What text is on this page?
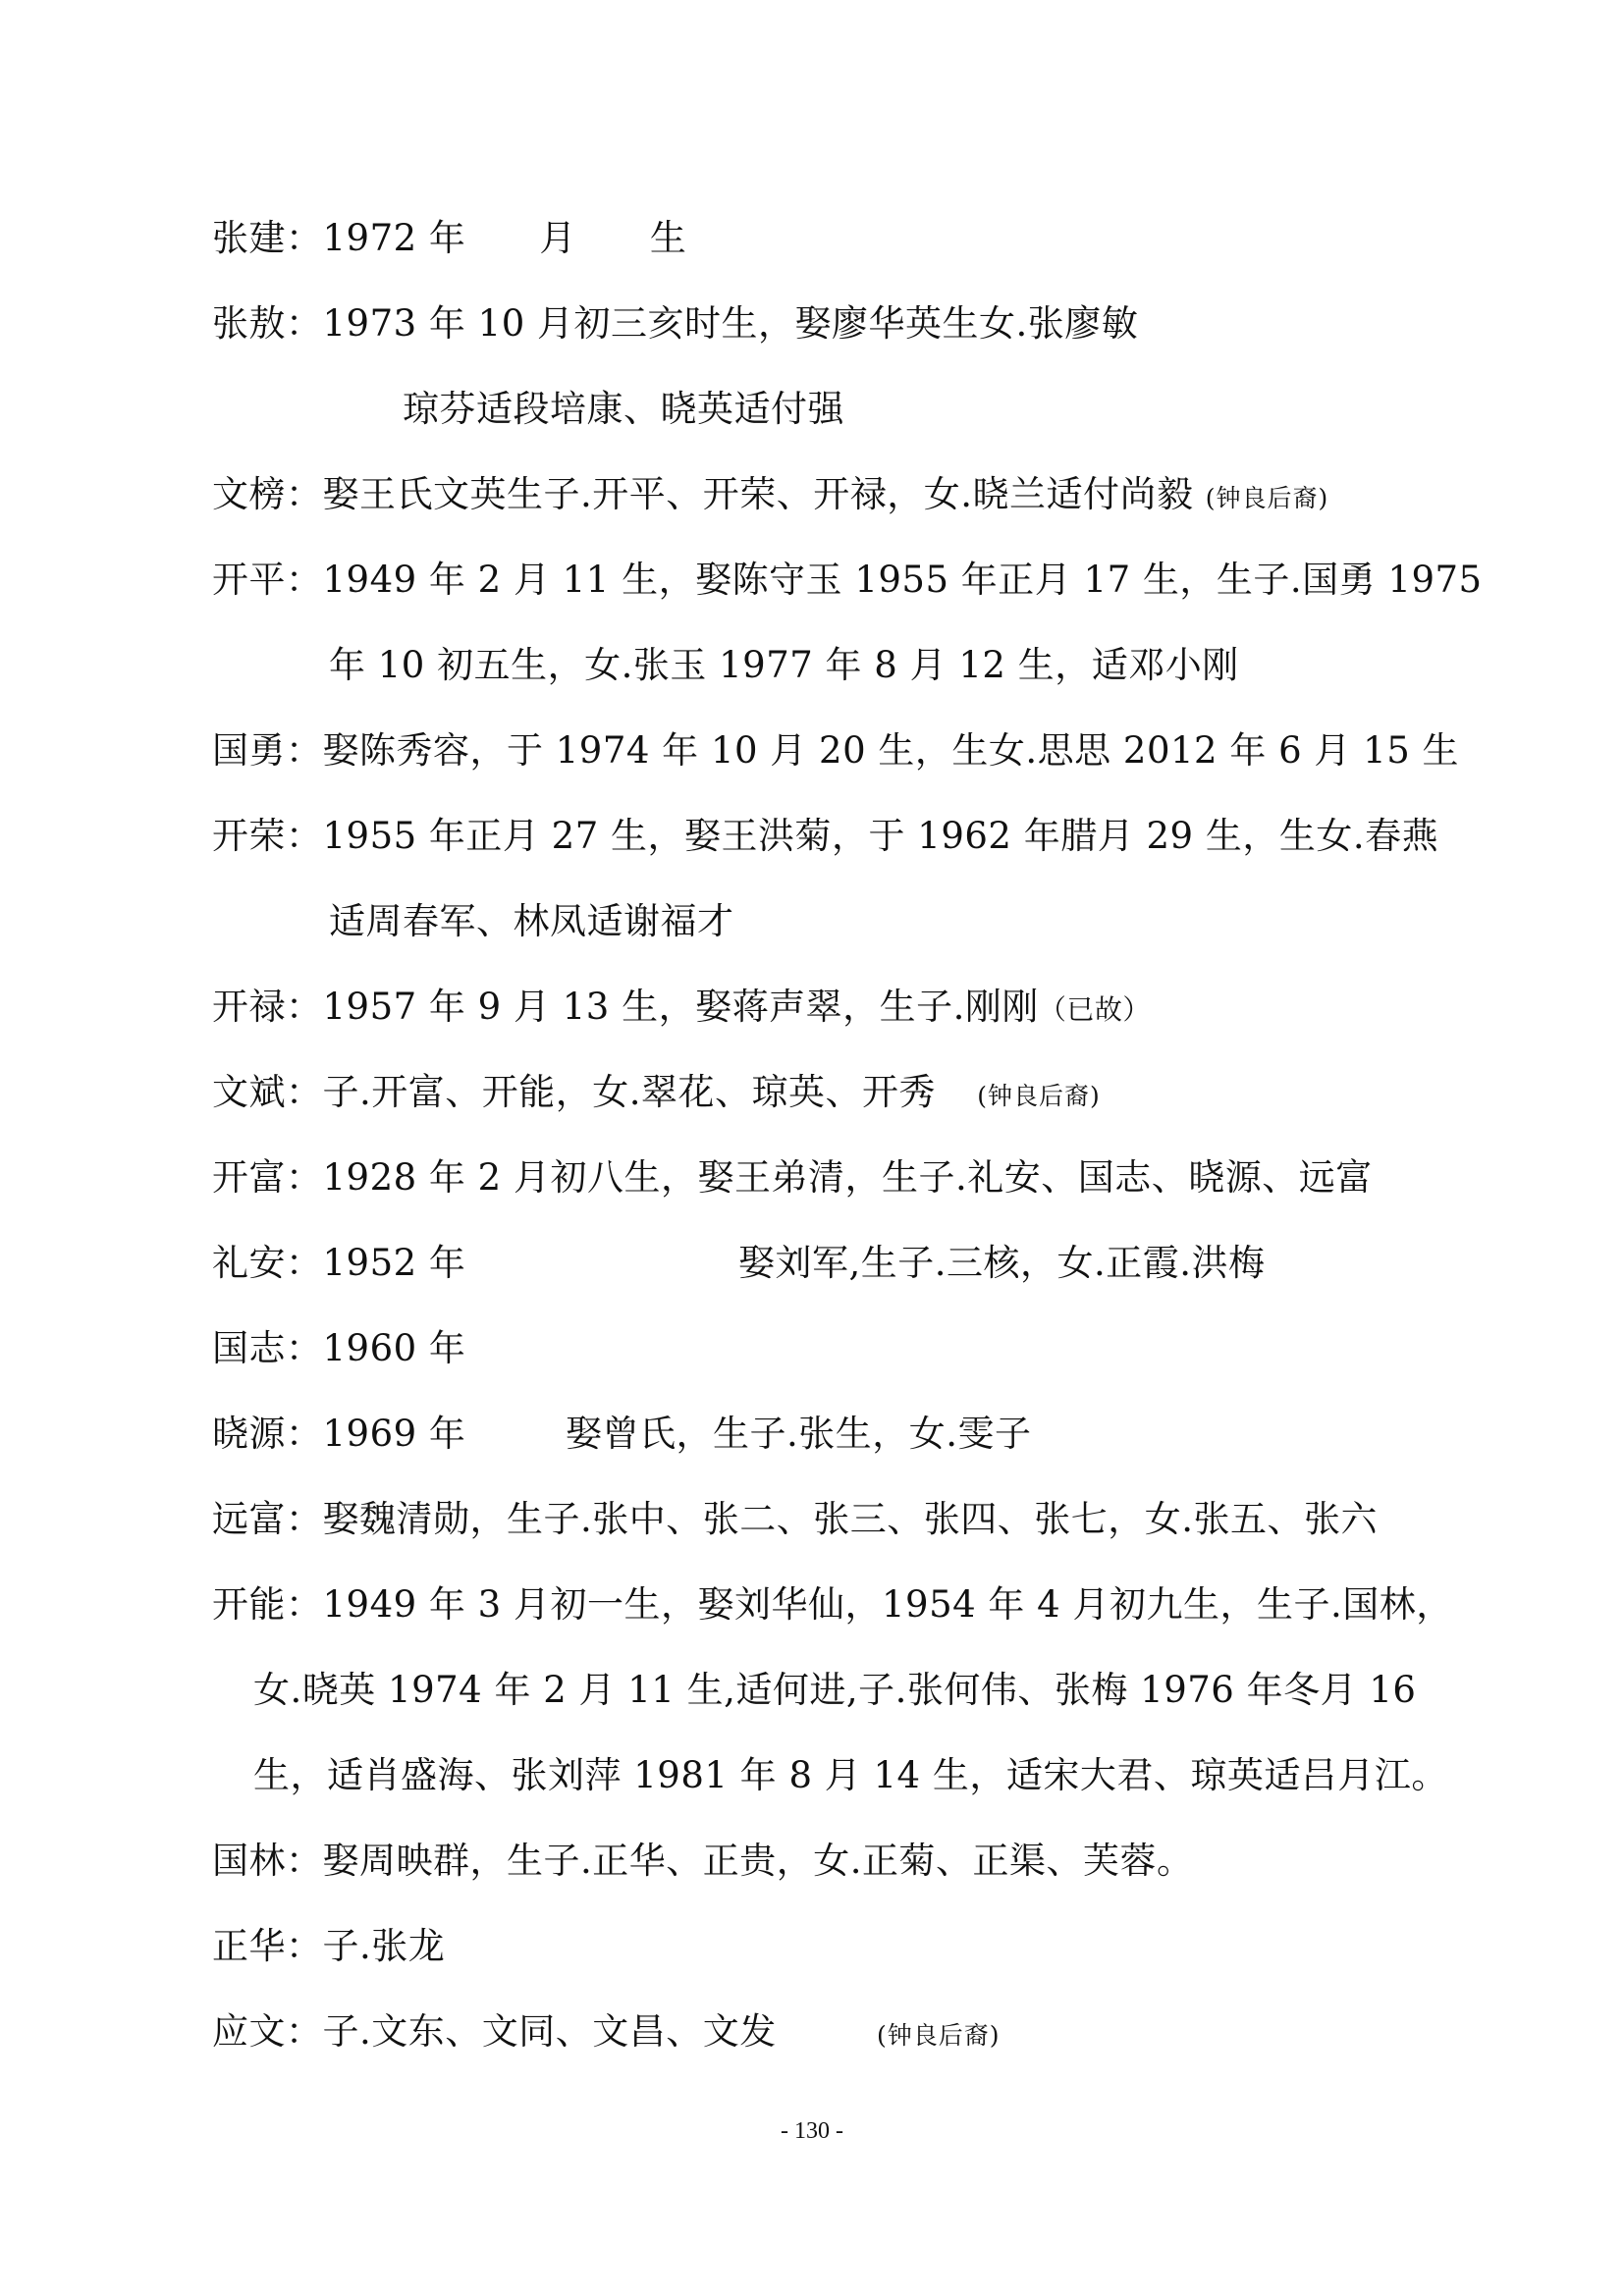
张建：1972 年　　月　　生
张敖：1973 年 10 月初三亥时生，娶廖华英生女.张廖敏
琼芬适段培康、晓英适付强
文榜：娶王氏文英生子.开平、开荣、开禄，女.晓兰适付尚毅 (钟良后裔)
开平：1949 年 2 月 11 生，娶陈守玉 1955 年正月 17 生，生子.国勇 1975
年 10 初五生，女.张玉 1977 年 8 月 12 生，适邓小刚
国勇：娶陈秀容，于 1974 年 10 月 20 生，生女.思思 2012 年 6 月 15 生
开荣：1955 年正月 27 生，娶王洪菊，于 1962 年腊月 29 生，生女.春燕
适周春军、林凤适谢福才
开禄：1957 年 9 月 13 生，娶蒋声翠，生子.刚刚（已故）
文斌：子.开富、开能，女.翠花、琼英、开秀 (钟良后裔)
开富：1928 年 2 月初八生，娶王弟清，生子.礼安、国志、晓源、远富
礼安：1952 年	娶刘军,生子.三核，女.正霞.洪梅
国志：1960 年
晓源：1969 年	娶曾氏，生子.张生，女.雯子
远富：娶魏清勋，生子.张中、张二、张三、张四、张七，女.张五、张六
开能：1949 年 3 月初一生，娶刘华仙，1954 年 4 月初九生，生子.国林，
女.晓英 1974 年 2 月 11 生,适何进,子.张何伟、张梅 1976 年冬月 16
生，适肖盛海、张刘萍 1981 年 8 月 14 生，适宋大君、琼英适吕月江。
国林：娶周映群，生子.正华、正贵，女.正菊、正渠、芙蓉。
正华：子.张龙
应文：子.文东、文同、文昌、文发	(钟良后裔)
- 130 -
